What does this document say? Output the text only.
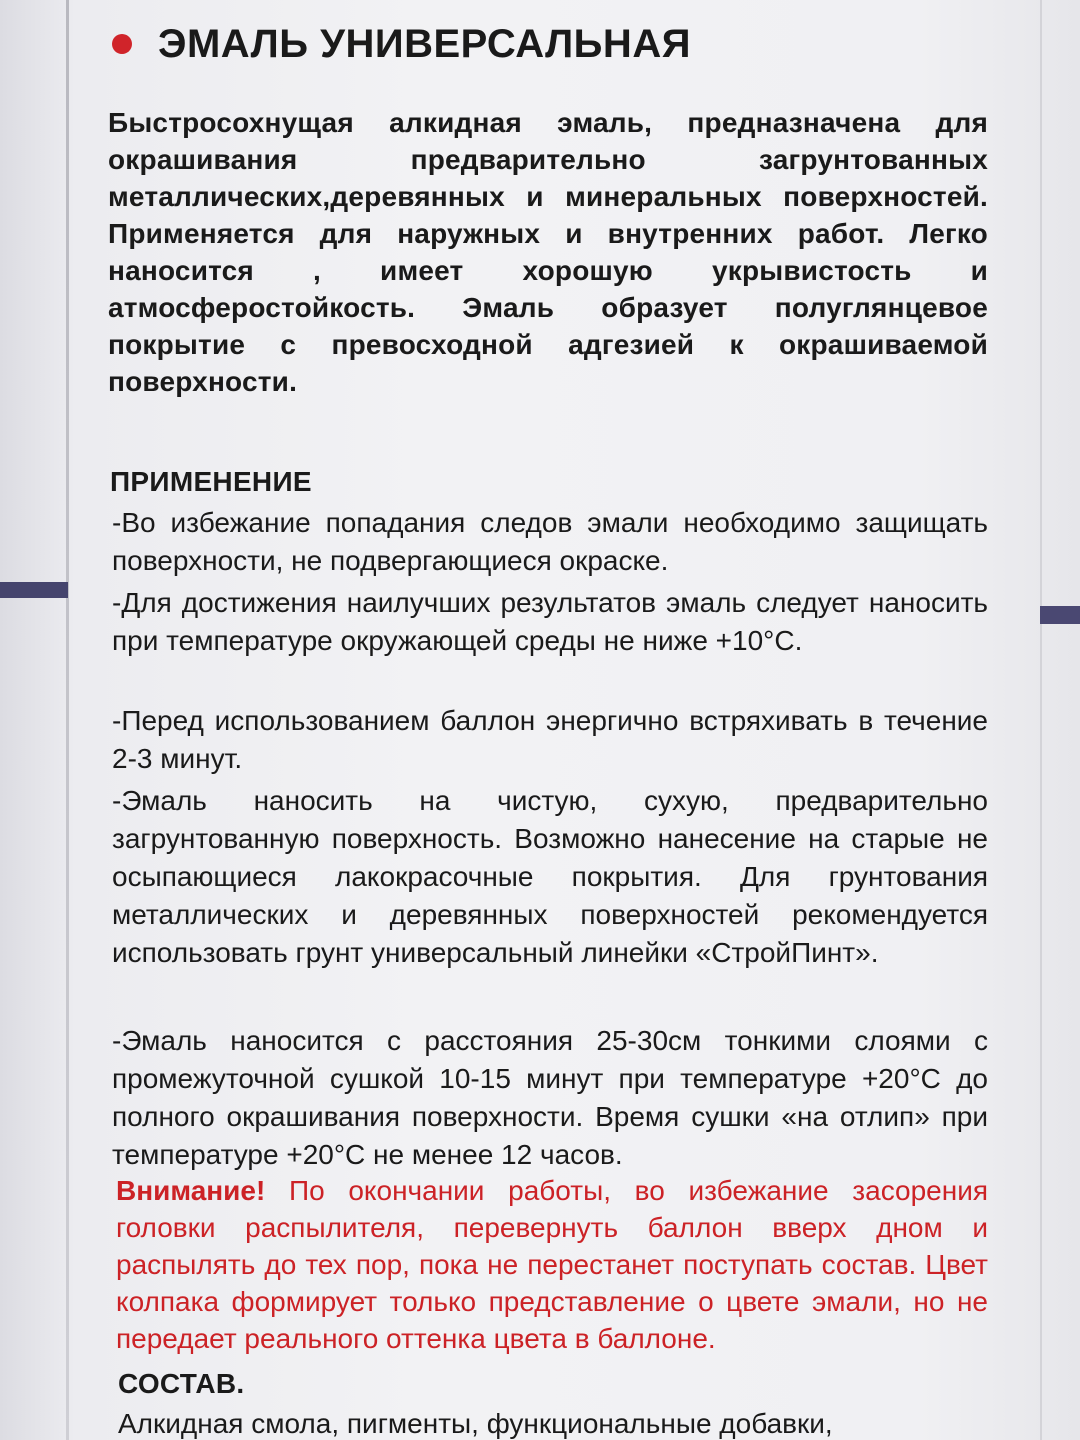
ЭМАЛЬ УНИВЕРСАЛЬНАЯ

Быстросохнущая алкидная эмаль, предназначена для окрашивания предварительно загрунтованных металлических,деревянных и минеральных поверхностей. Применяется для наружных и внутренних работ. Легко наносится , имеет хорошую укрывистость и атмосферостойкость. Эмаль образует полуглянцевое покрытие с превосходной адгезией к окрашиваемой поверхности.

ПРИМЕНЕНИЕ

-Во избежание попадания следов эмали необходимо защищать поверхности, не подвергающиеся окраске.

-Для достижения наилучших результатов эмаль следует наносить при температуре окружающей среды не ниже +10°С.

-Перед использованием баллон энергично встряхивать в течение 2-3 минут.

-Эмаль наносить на чистую, сухую, предварительно загрунтованную поверхность. Возможно нанесение на старые не осыпающиеся лакокрасочные покрытия. Для грунтования металлических и деревянных поверхностей рекомендуется использовать грунт универсальный линейки «СтройПинт».

-Эмаль наносится с расстояния 25-30см тонкими слоями с промежуточной сушкой 10-15 минут при температуре +20°С до полного окрашивания поверхности. Время сушки «на отлип» при температуре +20°С не менее 12 часов.

Внимание! По окончании работы, во избежание засорения головки распылителя, перевернуть баллон вверх дном и распылять до тех пор, пока не перестанет поступать состав. Цвет колпака формирует только представление о цвете эмали, но не передает реального оттенка цвета в баллоне.

СОСТАВ.

Алкидная смола, пигменты, функциональные добавки,
